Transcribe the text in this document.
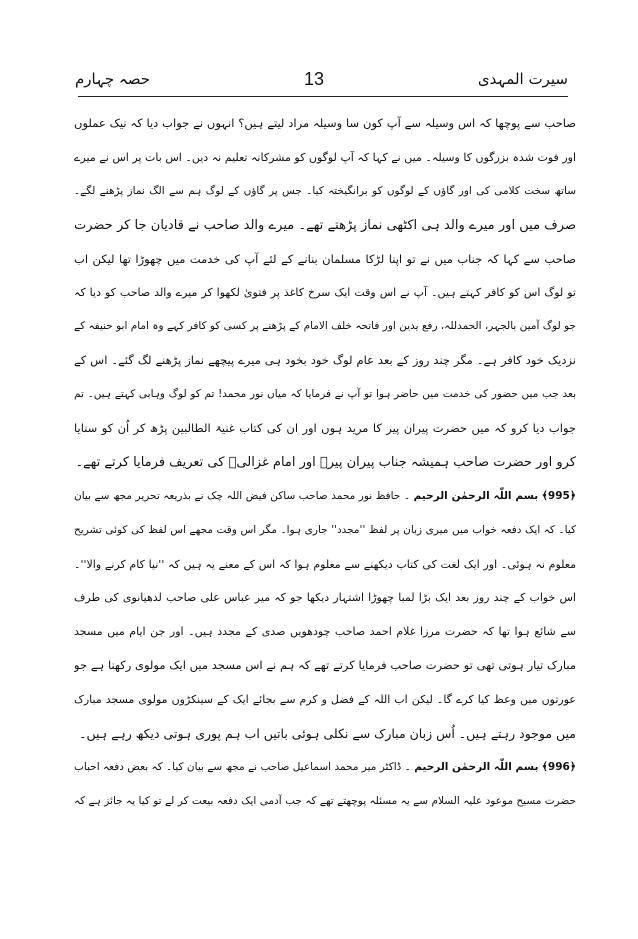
حصہ چہارم	13	سیرت المہدی
صاحب سے پوچھا کہ اس وسیلہ سے آپ کون سا وسیلہ مراد لیتے ہیں؟ انہوں نے جواب دیا کہ نیک عملوں
اور فوت شدہ بزرگوں کا وسیلہ۔ میں نے کہا کہ آپ لوگوں کو مشرکانہ تعلیم نہ دیں۔ اس بات پر اس نے میرے
ساتھ سخت کلامی کی اور گاؤں کے لوگوں کو برانگیختہ کیا۔ جس پر گاؤں کے لوگ ہم سے الگ نماز پڑھنے لگے۔
صرف میں اور میرے والد ہی اکٹھی نماز پڑھتے تھے۔ میرے والد صاحب نے قادیان جا کر حضرت
صاحب سے کہا کہ جناب میں نے تو اپنا لڑکا مسلمان بنانے کے لئے آپ کی خدمت میں چھوڑا تھا لیکن اب
تو لوگ اس کو کافر کہتے ہیں۔ آپ نے اس وقت ایک سرخ کاغذ پر فتویٰ لکھوا کر میرے والد صاحب کو دیا کہ
جو لوگ آمین بالجہر، الحمدللہ، رفع یدین اور فاتحہ خلف الامام کے پڑھنے پر کسی کو کافر کہے وہ امام ابو حنیفہ کے
نزدیک خود کافر ہے۔ مگر چند روز کے بعد عام لوگ خود بخود ہی میرے پیچھے نماز پڑھنے لگ گئے۔ اس کے
بعد جب میں حضور کی خدمت میں حاضر ہوا تو آپ نے فرمایا کہ میاں نور محمد! تم کو لوگ وہابی کہتے ہیں۔ تم
جواب دیا کرو کہ میں حضرت پیران پیر کا مرید ہوں اور ان کی کتاب غنیۃ الطالبین پڑھ کر اُن کو سنایا
کرو اور حضرت صاحب ہمیشہ جناب پیران پیرؒ اور امام غزالیؒ کی تعریف فرمایا کرتے تھے۔
﴿995﴾ بسم اللّٰہ الرحمٰن الرحیم ۔ حافظ نور محمد صاحب ساکن فیض اللہ چک نے بذریعہ تحریر مجھ سے بیان
کیا۔ کہ ایک دفعہ خواب میں میری زبان پر لفظ ''مجدد'' جاری ہوا۔ مگر اس وقت مجھے اس لفظ کی کوئی تشریح
معلوم نہ ہوئی۔ اور ایک لغت کی کتاب دیکھنے سے معلوم ہوا کہ اس کے معنے یہ ہیں کہ ''نیا کام کرنے والا''۔
اس خواب کے چند روز بعد ایک بڑا لمبا چھوڑا اشتہار دیکھا جو کہ میر عباس علی صاحب لدھیانوی کی طرف
سے شائع ہوا تھا کہ حضرت مرزا غلام احمد صاحب چودھویں صدی کے مجدد ہیں۔ اور جن ایام میں مسجد
مبارک تیار ہوتی تھی تو حضرت صاحب فرمایا کرتے تھے کہ ہم نے اس مسجد میں ایک مولوی رکھنا ہے جو
عورتوں میں وعظ کیا کرے گا۔ لیکن اب اللہ کے فضل و کرم سے بجائے ایک کے سینکڑوں مولوی مسجد مبارک
میں موجود رہتے ہیں۔ اُس زبان مبارک سے نکلی ہوئی باتیں اب ہم پوری ہوتی دیکھ رہے ہیں۔
﴿996﴾ بسم اللّٰہ الرحمٰن الرحیم ۔ ڈاکٹر میر محمد اسماعیل صاحب نے مجھ سے بیان کیا۔ کہ بعض دفعہ احباب
حضرت مسیح موعود علیہ السلام سے یہ مسئلہ پوچھتے تھے کہ جب آدمی ایک دفعہ بیعت کر لے تو کیا یہ جائز ہے کہ
